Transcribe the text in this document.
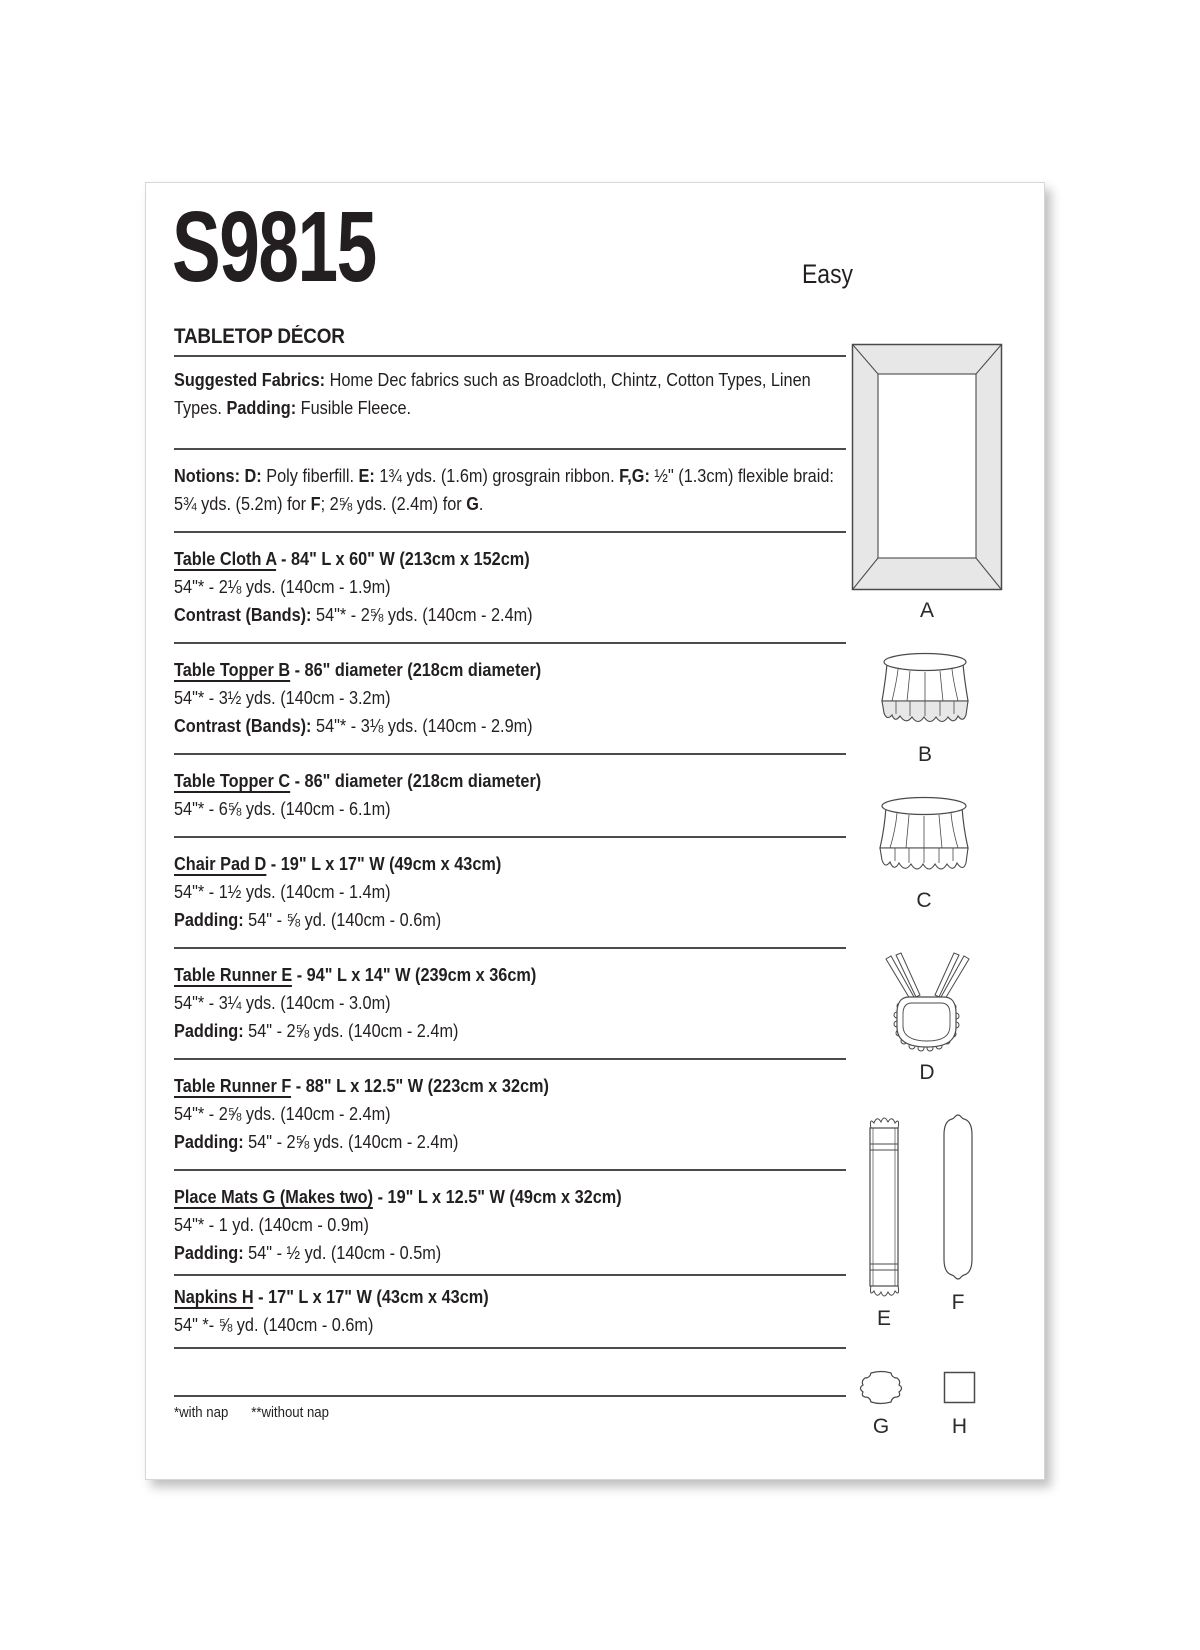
S9815	Easy
TABLETOP DÉCOR
Suggested Fabrics: Home Dec fabrics such as Broadcloth, Chintz, Cotton Types, Linen
Types. Padding: Fusible Fleece.
Notions: D: Poly fiberfill. E: 1¾ yds. (1.6m) grosgrain ribbon. F,G: ½" (1.3cm) flexible braid:
5¾ yds. (5.2m) for F; 2⅝ yds. (2.4m) for G.
Table Cloth A - 84" L x 60" W (213cm x 152cm)
54"* - 2⅛ yds. (140cm - 1.9m)
Contrast (Bands): 54"* - 2⅝ yds. (140cm - 2.4m)
Table Topper B - 86" diameter (218cm diameter)
54"* - 3½ yds. (140cm - 3.2m)
Contrast (Bands): 54"* - 3⅛ yds. (140cm - 2.9m)
Table Topper C - 86" diameter (218cm diameter)
54"* - 6⅝ yds. (140cm - 6.1m)
Chair Pad D - 19" L x 17" W (49cm x 43cm)
54"* - 1½ yds. (140cm - 1.4m)
Padding: 54" - ⅝ yd. (140cm - 0.6m)
Table Runner E - 94" L x 14" W (239cm x 36cm)
54"* - 3¼ yds. (140cm - 3.0m)
Padding: 54" - 2⅝ yds. (140cm - 2.4m)
Table Runner F - 88" L x 12.5" W (223cm x 32cm)
54"* - 2⅝ yds. (140cm - 2.4m)
Padding: 54" - 2⅝ yds. (140cm - 2.4m)
Place Mats G (Makes two) - 19" L x 12.5" W (49cm x 32cm)
54"* - 1 yd. (140cm - 0.9m)
Padding: 54" - ½ yd. (140cm - 0.5m)
Napkins H - 17" L x 17" W (43cm x 43cm)
54" *- ⅝ yd. (140cm - 0.6m)
*with nap **without nap
A
B
C
D
E
F
G	H
